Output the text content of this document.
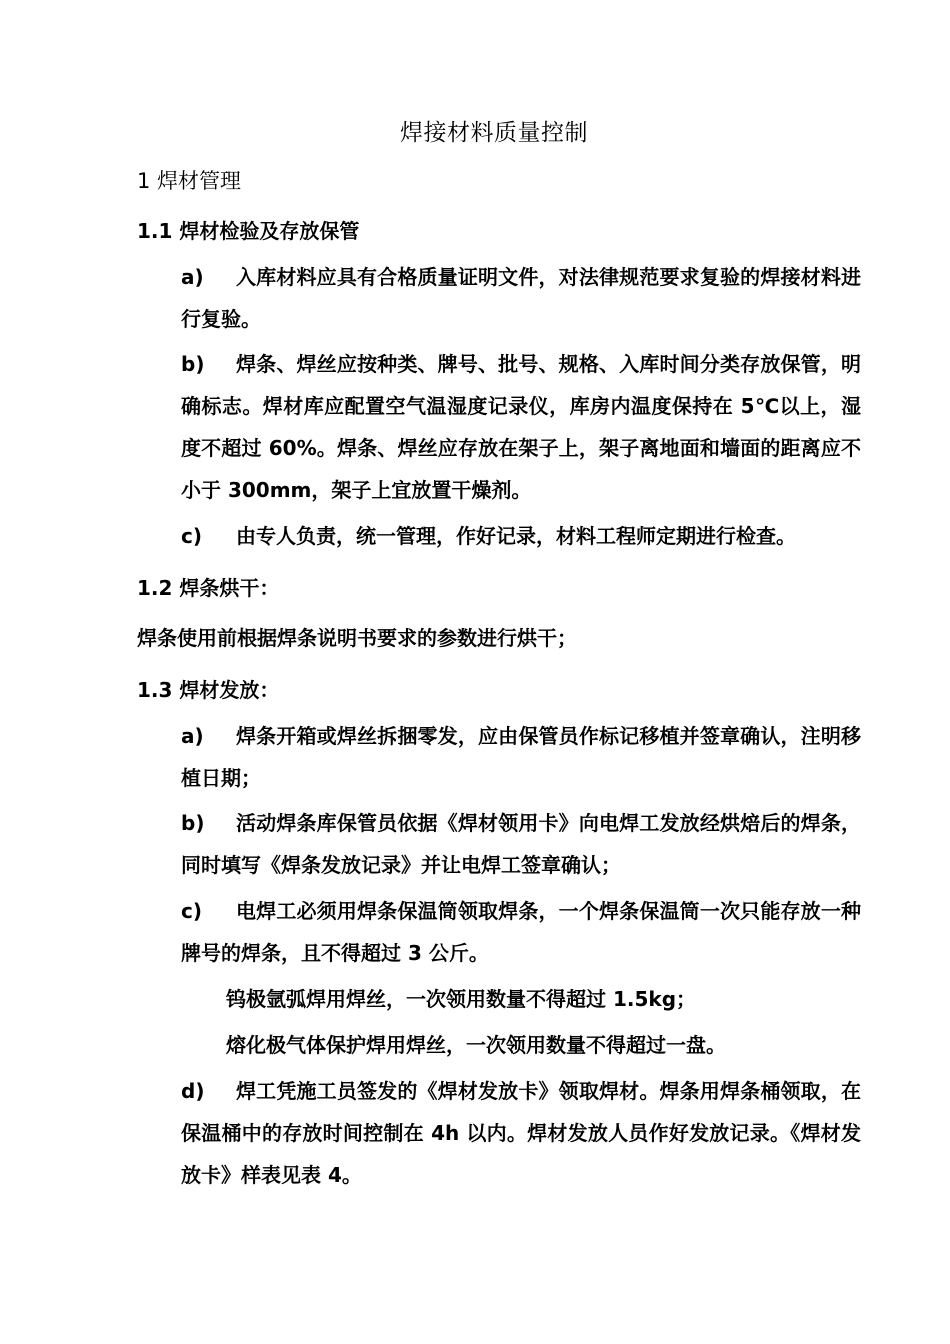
焊接材料质量控制
1 焊材管理
1.1 焊材检验及存放保管
a)	入库材料应具有合格质量证明文件，对法律规范要求复验的焊接材料进行复验。
b)	焊条、焊丝应按种类、牌号、批号、规格、入库时间分类存放保管，明确标志。焊材库应配置空气温湿度记录仪，库房内温度保持在 5℃以上，湿度不超过 60%。焊条、焊丝应存放在架子上，架子离地面和墙面的距离应不小于 300mm，架子上宜放置干燥剂。
c)	由专人负责，统一管理，作好记录，材料工程师定期进行检查。
1.2 焊条烘干：
焊条使用前根据焊条说明书要求的参数进行烘干；
1.3 焊材发放：
a)	焊条开箱或焊丝拆捆零发，应由保管员作标记移植并签章确认，注明移植日期；
b)	活动焊条库保管员依据《焊材领用卡》向电焊工发放经烘焙后的焊条，同时填写《焊条发放记录》并让电焊工签章确认；
c)	电焊工必须用焊条保温筒领取焊条，一个焊条保温筒一次只能存放一种牌号的焊条，且不得超过 3 公斤。
钨极氩弧焊用焊丝，一次领用数量不得超过 1.5kg；
熔化极气体保护焊用焊丝，一次领用数量不得超过一盘。
d)	焊工凭施工员签发的《焊材发放卡》领取焊材。焊条用焊条桶领取，在保温桶中的存放时间控制在 4h 以内。焊材发放人员作好发放记录。《焊材发放卡》样表见表 4。
